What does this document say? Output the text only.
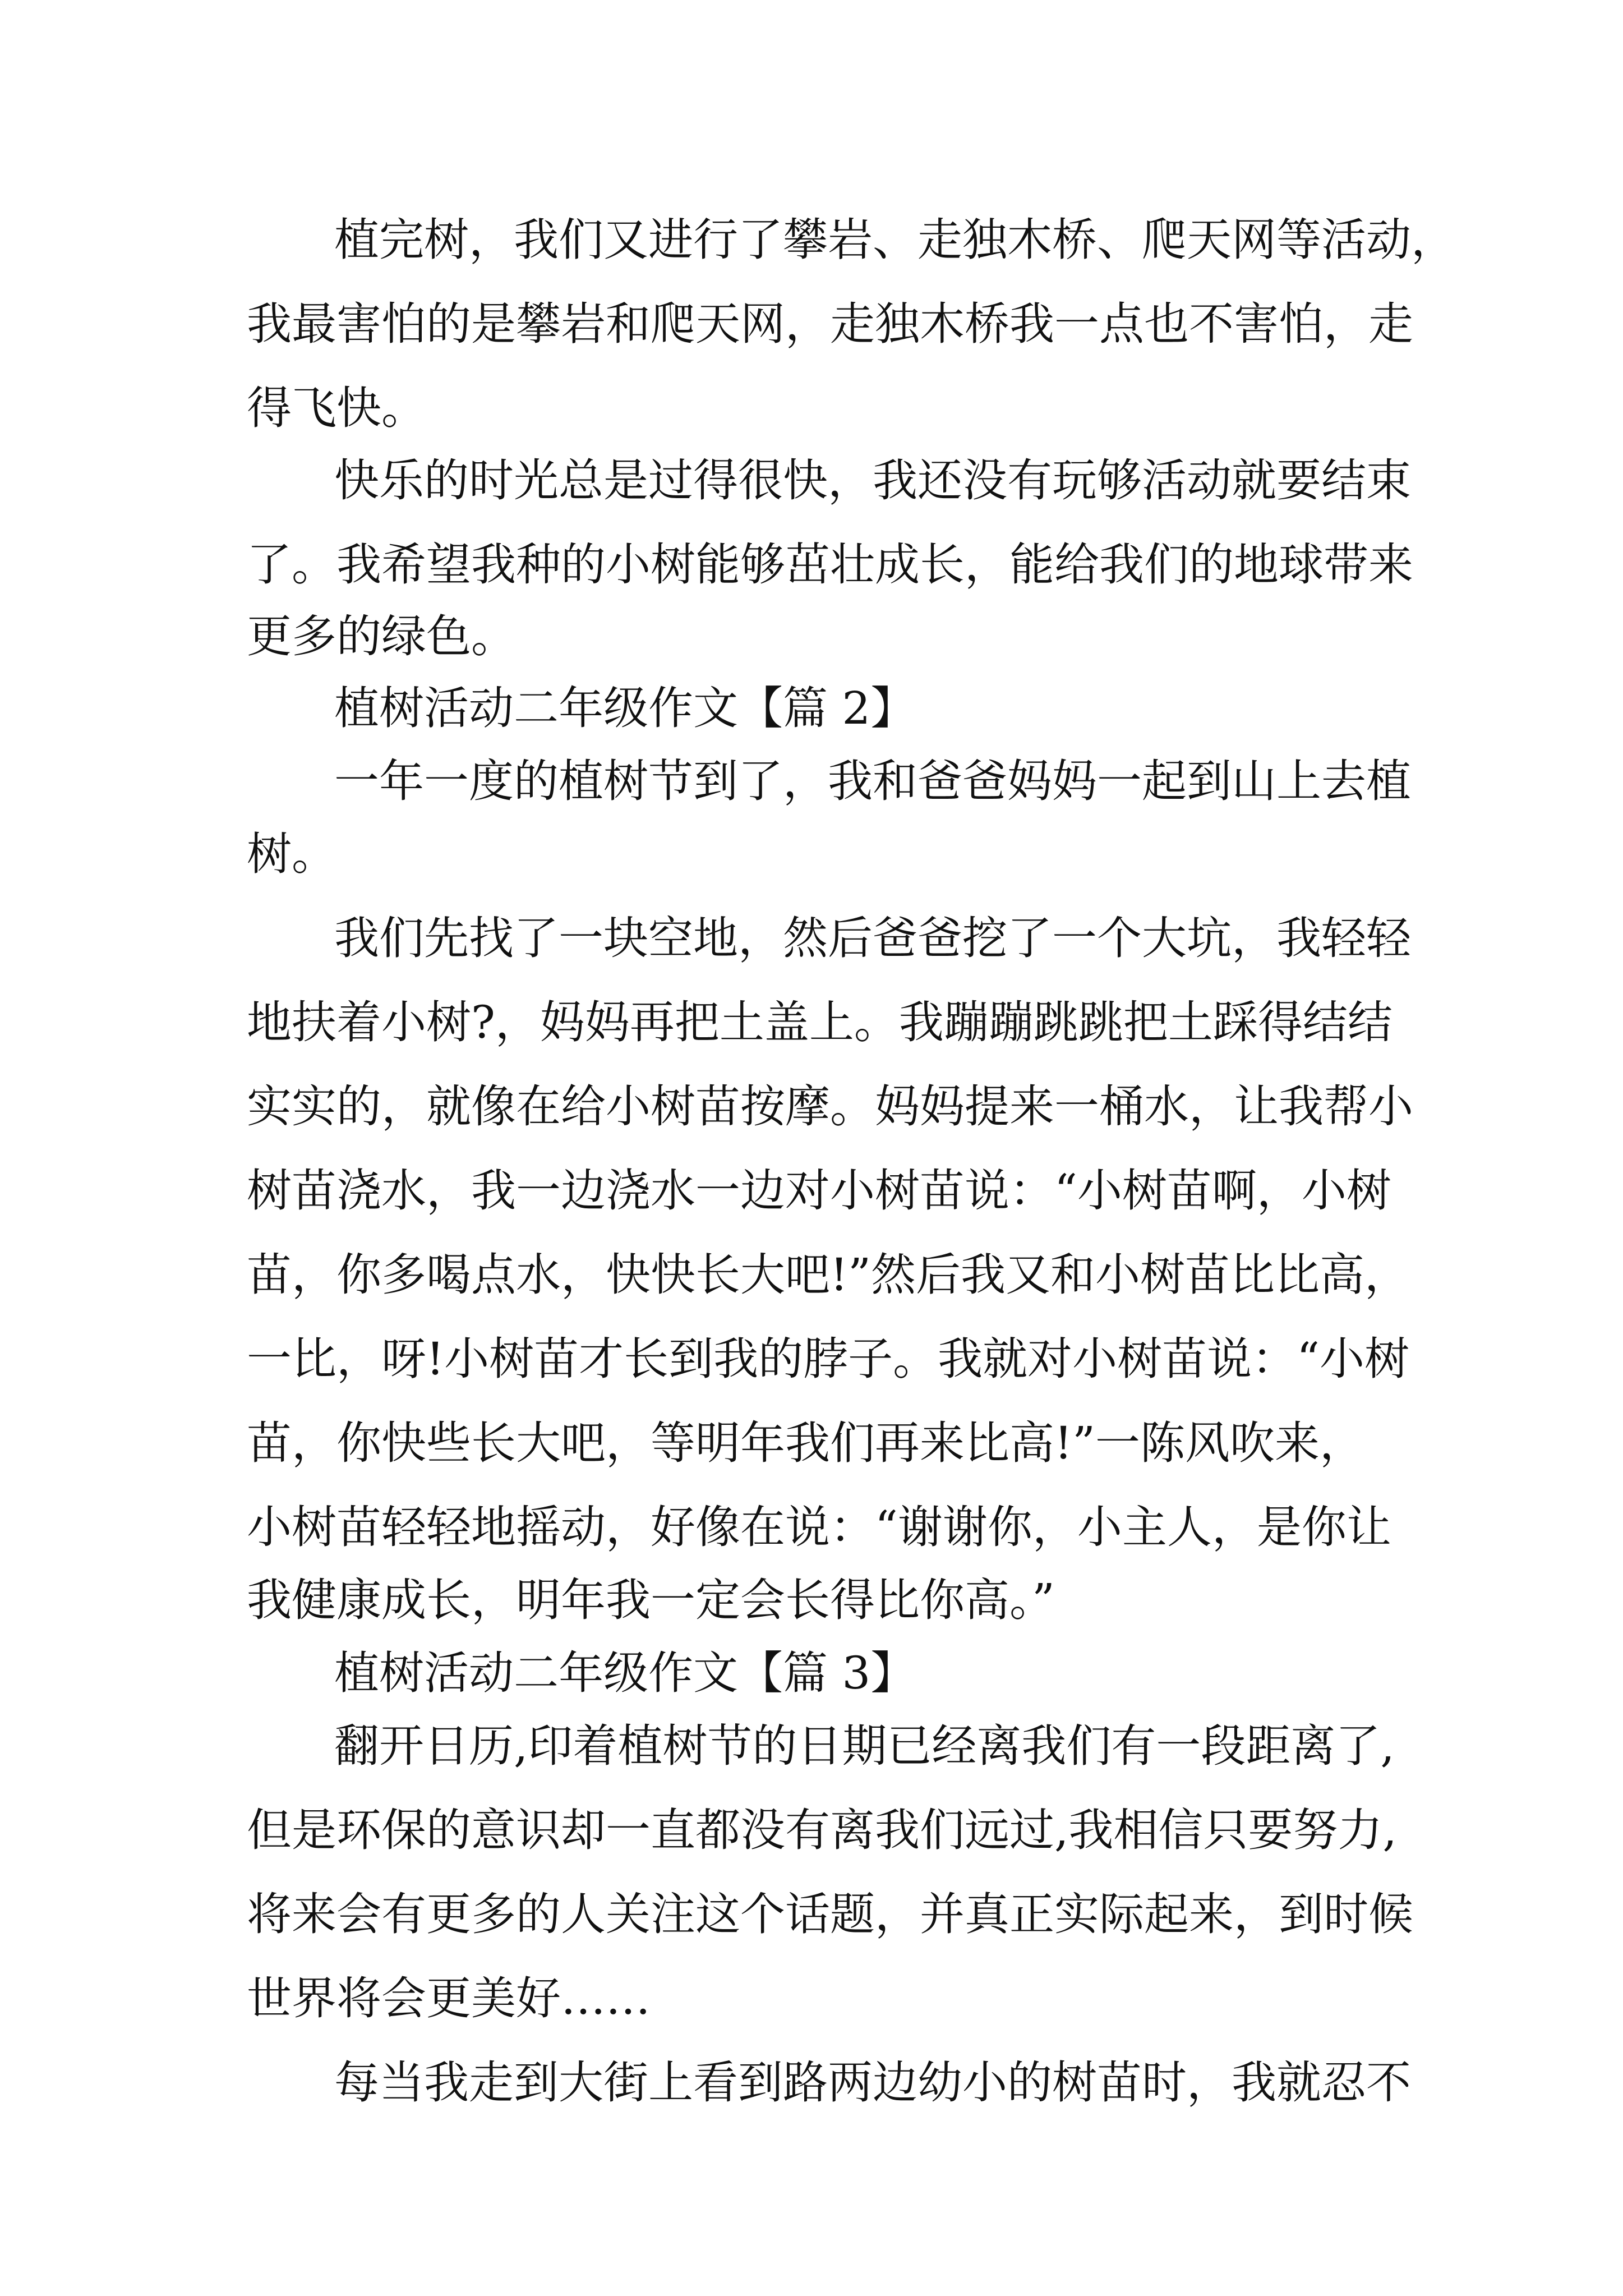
植完树，我们又进行了攀岩、走独木桥、爬天网等活动，
我最害怕的是攀岩和爬天网，走独木桥我一点也不害怕，走
得飞快。
快乐的时光总是过得很快，我还没有玩够活动就要结束
了。我希望我种的小树能够茁壮成长，能给我们的地球带来
更多的绿色。
植树活动二年级作文【篇 2】
一年一度的植树节到了，我和爸爸妈妈一起到山上去植
树。
我们先找了一块空地，然后爸爸挖了一个大坑，我轻轻
地扶着小树?，妈妈再把土盖上。我蹦蹦跳跳把土踩得结结
实实的，就像在给小树苗按摩。妈妈提来一桶水，让我帮小
树苗浇水，我一边浇水一边对小树苗说：“小树苗啊，小树
苗，你多喝点水，快快长大吧!”然后我又和小树苗比比高，
一比，呀!小树苗才长到我的脖子。我就对小树苗说：“小树
苗，你快些长大吧，等明年我们再来比高!”一陈风吹来，
小树苗轻轻地摇动，好像在说：“谢谢你，小主人，是你让
我健康成长，明年我一定会长得比你高。”
植树活动二年级作文【篇 3】
翻开日历,印着植树节的日期已经离我们有一段距离了,
但是环保的意识却一直都没有离我们远过,我相信只要努力,
将来会有更多的人关注这个话题，并真正实际起来，到时候
世界将会更美好……
每当我走到大街上看到路两边幼小的树苗时，我就忍不
